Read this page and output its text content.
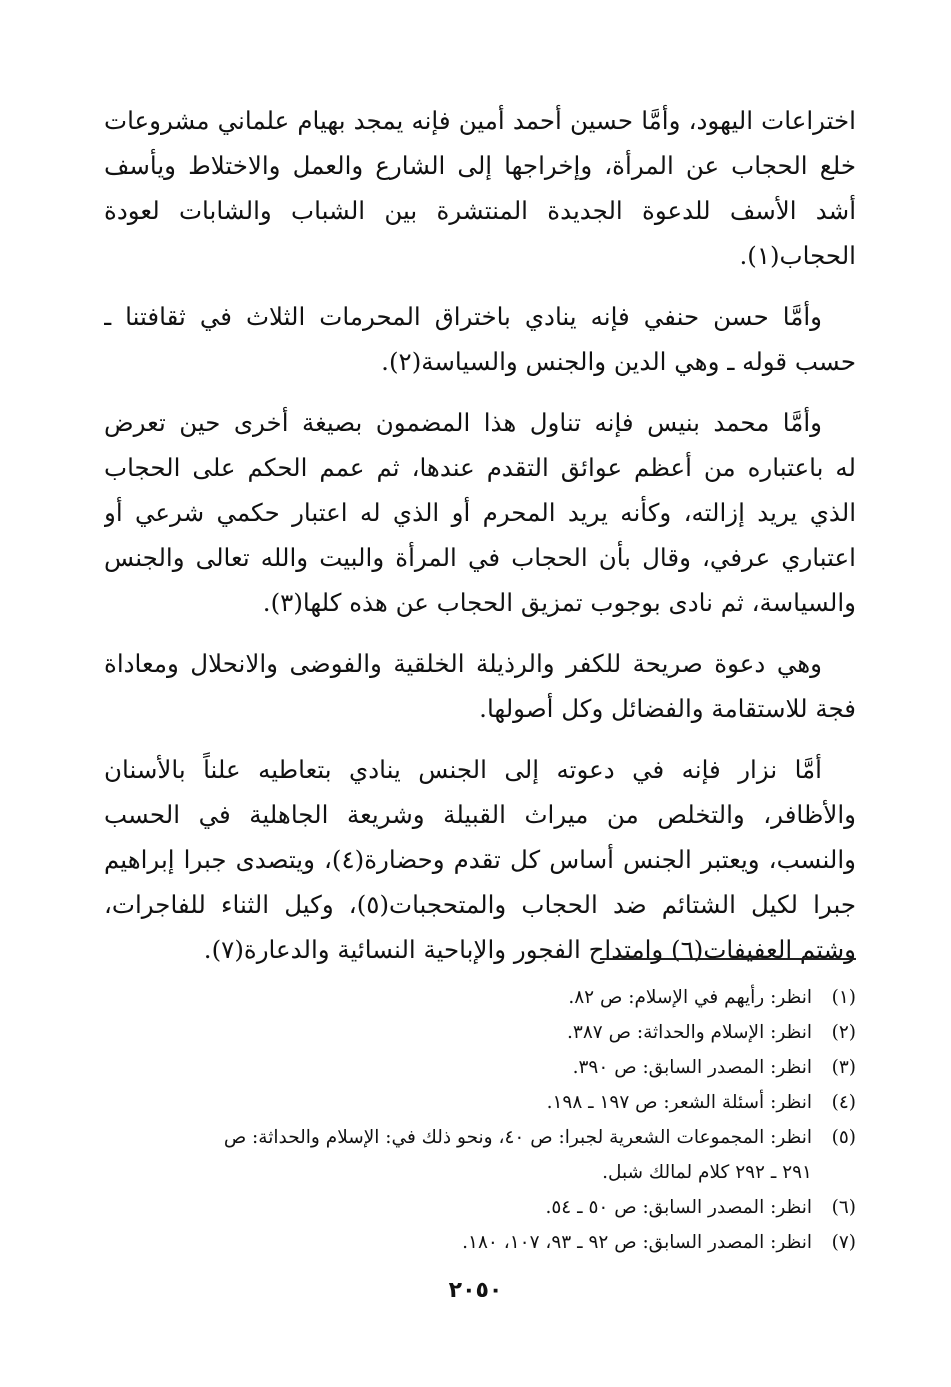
اختراعات اليهود، وأمَّا حسين أحمد أمين فإنه يمجد بهيام علماني مشروعات
خلع الحجاب عن المرأة، وإخراجها إلى الشارع والعمل والاختلاط ويأسف
أشد الأسف للدعوة الجديدة المنتشرة بين الشباب والشابات لعودة
الحجاب(١).
وأمَّا حسن حنفي فإنه ينادي باختراق المحرمات الثلاث في ثقافتنا ـ
حسب قوله ـ وهي الدين والجنس والسياسة(٢).
وأمَّا محمد بنيس فإنه تناول هذا المضمون بصيغة أخرى حين تعرض
له باعتباره من أعظم عوائق التقدم عندها، ثم عمم الحكم على الحجاب
الذي يريد إزالته، وكأنه يريد المحرم أو الذي له اعتبار حكمي شرعي أو
اعتباري عرفي، وقال بأن الحجاب في المرأة والبيت والله تعالى والجنس
والسياسة، ثم نادى بوجوب تمزيق الحجاب عن هذه كلها(٣).
وهي دعوة صريحة للكفر والرذيلة الخلقية والفوضى والانحلال ومعاداة
فجة للاستقامة والفضائل وكل أصولها.
أمَّا نزار فإنه في دعوته إلى الجنس ينادي بتعاطيه علناً بالأسنان
والأظافر، والتخلص من ميراث القبيلة وشريعة الجاهلية في الحسب
والنسب، ويعتبر الجنس أساس كل تقدم وحضارة(٤)، ويتصدى جبرا إبراهيم
جبرا لكيل الشتائم ضد الحجاب والمتحجبات(٥)، وكيل الثناء للفاجرات،
وشتم العفيفات(٦) وامتداح الفجور والإباحية النسائية والدعارة(٧).
(١)
انظر: رأيهم في الإسلام: ص ٨٢.
(٢)
انظر: الإسلام والحداثة: ص ٣٨٧.
(٣)
انظر: المصدر السابق: ص ٣٩٠.
(٤)
انظر: أسئلة الشعر: ص ١٩٧ ـ ١٩٨.
(٥)
انظر: المجموعات الشعرية لجبرا: ص ٤٠، ونحو ذلك في: الإسلام والحداثة: ص
٢٩١ ـ ٢٩٢ كلام لمالك شبل.
(٦)
انظر: المصدر السابق: ص ٥٠ ـ ٥٤.
(٧)
انظر: المصدر السابق: ص ٩٢ ـ ٩٣، ١٠٧، ١٨٠.
٢٠٥٠
